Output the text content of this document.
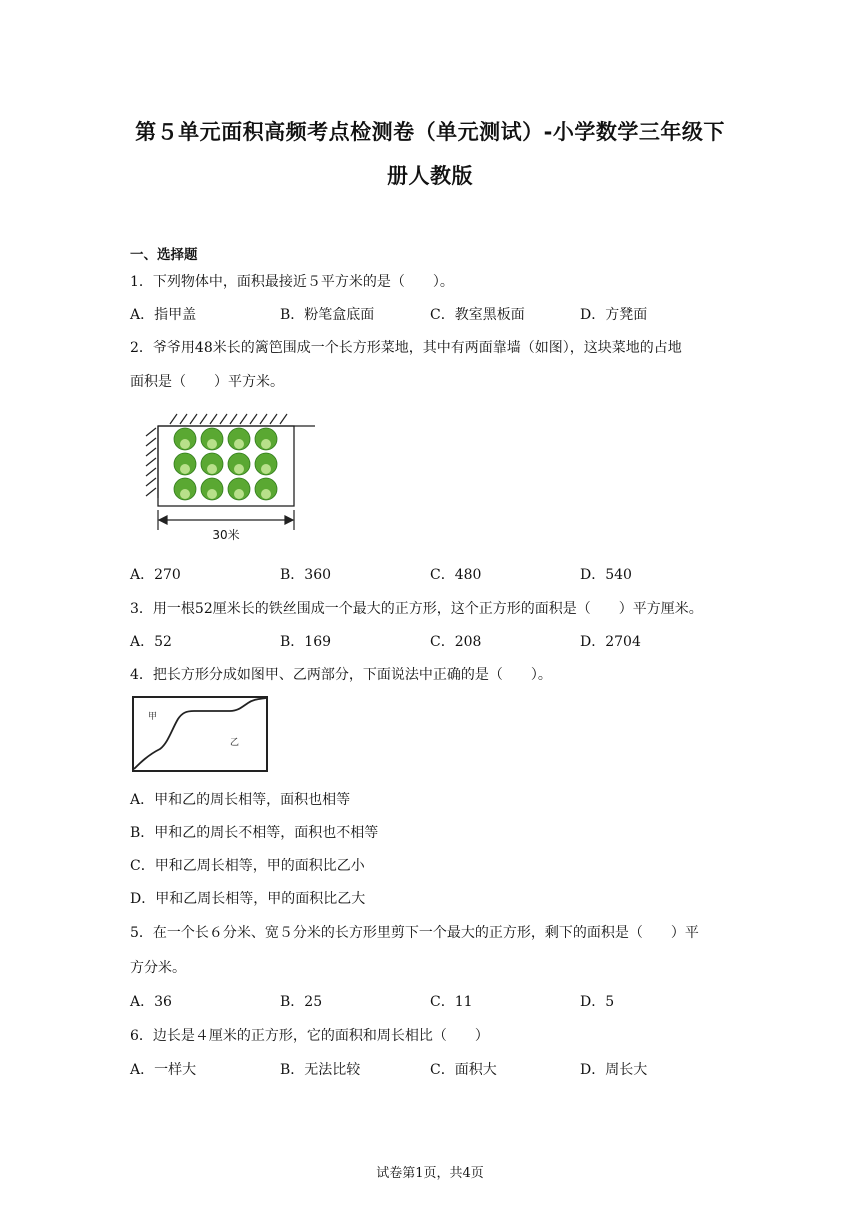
第５单元面积高频考点检测卷（单元测试）-小学数学三年级下
册人教版
一、选择题
1．下列物体中，面积最接近５平方米的是（　　）。
A．指甲盖	B．粉笔盒底面	C．教室黑板面	D．方凳面
2．爷爷用48米长的篱笆围成一个长方形菜地，其中有两面靠墙（如图），这块菜地的占地
面积是（　　）平方米。
30米
A．270	B．360	C．480	D．540
3．用一根52厘米长的铁丝围成一个最大的正方形，这个正方形的面积是（　　）平方厘米。
A．52	B．169	C．208	D．2704
4．把长方形分成如图甲、乙两部分，下面说法中正确的是（　　）。
甲
乙
A．甲和乙的周长相等，面积也相等
B．甲和乙的周长不相等，面积也不相等
C．甲和乙周长相等，甲的面积比乙小
D．甲和乙周长相等，甲的面积比乙大
5．在一个长６分米、宽５分米的长方形里剪下一个最大的正方形，剩下的面积是（　　）平
方分米。
A．36	B．25	C．11	D．5
6．边长是４厘米的正方形，它的面积和周长相比（　　）
A．一样大	B．无法比较	C．面积大	D．周长大
试卷第1页，共4页
